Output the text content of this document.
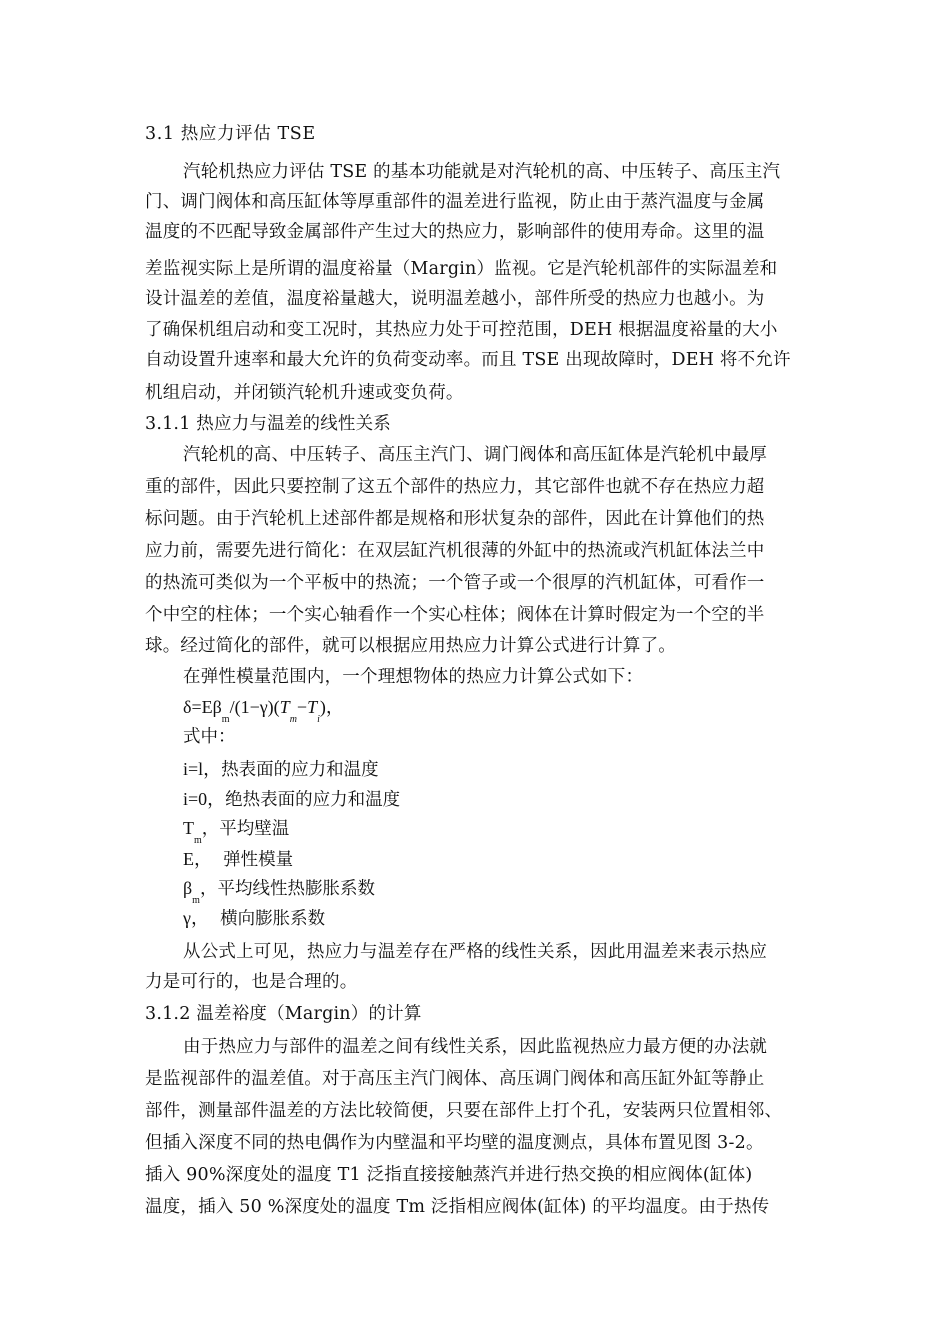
3.1 热应力评估 TSE
汽轮机热应力评估 TSE 的基本功能就是对汽轮机的高、中压转子、高压主汽
门、调门阀体和高压缸体等厚重部件的温差进行监视，防止由于蒸汽温度与金属
温度的不匹配导致金属部件产生过大的热应力，影响部件的使用寿命。这里的温
差监视实际上是所谓的温度裕量（Margin）监视。它是汽轮机部件的实际温差和
设计温差的差值，温度裕量越大，说明温差越小，部件所受的热应力也越小。为
了确保机组启动和变工况时，其热应力处于可控范围，DEH 根据温度裕量的大小
自动设置升速率和最大允许的负荷变动率。而且 TSE 出现故障时，DEH 将不允许
机组启动，并闭锁汽轮机升速或变负荷。
3.1.1 热应力与温差的线性关系
汽轮机的高、中压转子、高压主汽门、调门阀体和高压缸体是汽轮机中最厚
重的部件，因此只要控制了这五个部件的热应力，其它部件也就不存在热应力超
标问题。由于汽轮机上述部件都是规格和形状复杂的部件，因此在计算他们的热
应力前，需要先进行简化：在双层缸汽机很薄的外缸中的热流或汽机缸体法兰中
的热流可类似为一个平板中的热流；一个管子或一个很厚的汽机缸体，可看作一
个中空的柱体；一个实心轴看作一个实心柱体；阀体在计算时假定为一个空的半
球。经过简化的部件，就可以根据应用热应力计算公式进行计算了。
在弹性模量范围内，一个理想物体的热应力计算公式如下：
$\delta=E\beta_m/(1-\gamma)(T_m-T_i)$，
式中：
i=l，热表面的应力和温度
i=0，绝热表面的应力和温度
$T_m$，平均壁温
E，  弹性模量
$\beta_m$，平均线性热膨胀系数
γ，  横向膨胀系数
从公式上可见，热应力与温差存在严格的线性关系，因此用温差来表示热应
力是可行的，也是合理的。
3.1.2 温差裕度（Margin）的计算
由于热应力与部件的温差之间有线性关系，因此监视热应力最方便的办法就
是监视部件的温差值。对于高压主汽门阀体、高压调门阀体和高压缸外缸等静止
部件，测量部件温差的方法比较简便，只要在部件上打个孔，安装两只位置相邻、
但插入深度不同的热电偶作为内壁温和平均壁的温度测点，具体布置见图 3-2。
插入 90%深度处的温度 T1 泛指直接接触蒸汽并进行热交换的相应阀体(缸体)
温度，插入 50 %深度处的温度 Tm 泛指相应阀体(缸体) 的平均温度。由于热传
